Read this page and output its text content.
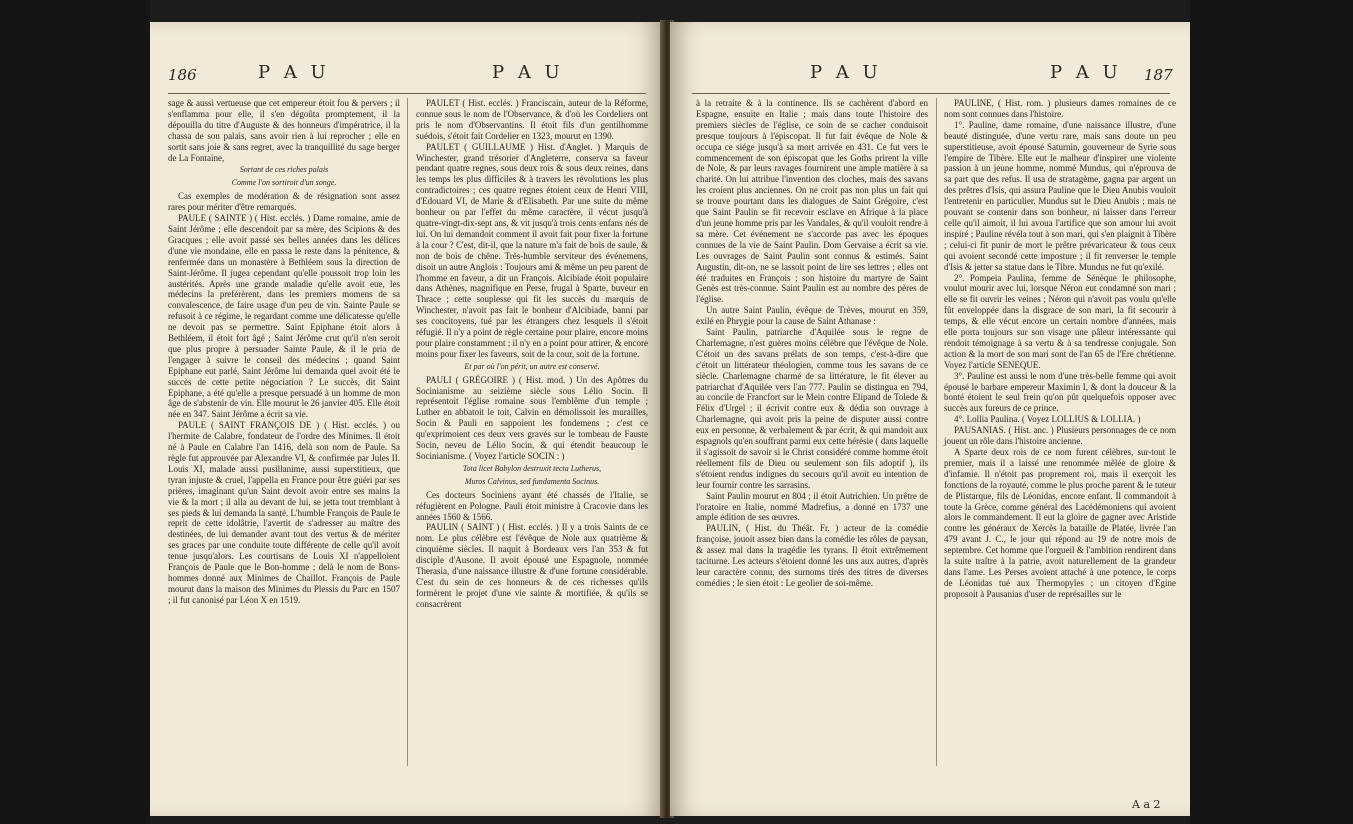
186	P A U	P A U

sage & aussi vertueuse que cet empereur étoit fou & pervers ; il s'enflamma pour elle, il s'en dégoûta promptement, il la dépouilla du titre d'Auguste & des honneurs d'impératrice, il la chassa de son palais, sans avoir rien à lui reprocher ; elle en sortit sans joie & sans regret, avec la tranquillité du sage berger de La Fontaine,

Sortant de ces riches palais

Comme l'on sortiroit d'un songe.

Cas exemples de modération & de résignation sont assez rares pour mériter d'être remarqués.

PAULE ( SAINTE ) ( Hist. ecclés. ) Dame romaine, amie de Saint Jérôme ; elle descendoit par sa mère, des Scipions & des Gracques ; elle avoit passé ses belles années dans les délices d'une vie mondaine, elle en passa le reste dans la pénitence, & renfermée dans un monastère à Bethléem sous la direction de Saint-Jérôme. Il jugea cependant qu'elle poussoit trop loin les austérités. Après une grande maladie qu'elle avoit eue, les médecins la preférèrent, dans les premiers momens de sa convalescence, de faire usage d'un peu de vin. Sainte Paule se refusoit à ce régime, le regardant comme une délicatesse qu'elle ne devoit pas se permettre. Saint Epiphane étoit alors à Bethléem, il étoit fort âgé ; Saint Jérôme crut qu'il n'en seroit que plus propre à persuader Sainte Paule, & il le pria de l'engager à suivre le conseil des médecins ; quand Saint Epiphane eut parlé, Saint Jérôme lui demanda quel avoit été le succès de cette petite négociation ? Le succès, dit Saint Epiphane, a été qu'elle a presque persuadé à un homme de mon âge de s'abstenir de vin. Elle mourut le 26 janvier 405. Elle étoit née en 347. Saint Jérôme a écrit sa vie.

PAULE ( SAINT FRANÇOIS DE ) ( Hist. ecclés. ) ou l'hermite de Calabre, fondateur de l'ordre des Minimes. Il étoit né à Paule en Calabre l'an 1416, delà son nom de Paule. Sa règle fut approuvée par Alexandre VI, & confirmée par Jules II. Louis XI, malade aussi pusillanime, aussi superstitieux, que tyran injuste & cruel, l'appella en France pour être guéri par ses prières, imaginant qu'un Saint devoit avoir entre ses mains la vie & la mort ; il alla au devant de lui, se jetta tout tremblant à ses pieds & lui demanda la santé. L'humble François de Paule le reprit de cette idolâtrie, l'avertit de s'adresser au maître des destinées, de lui demander avant tout des vertus & de mériter ses graces par une conduite toute différente de celle qu'il avoit tenue jusqu'alors. Les courtisans de Louis XI n'appelloient François de Paule que le Bon-homme ; delà le nom de Bons-hommes donné aux Minimes de Chaillot. François de Paule mourut dans la maison des Minimes du Plessis du Parc en 1507 ; il fut canonisé par Léon X en 1519.

PAULET ( Hist. ecclés. ) Franciscain, auteur de la Réforme, connue sous le nom de l'Observance, & d'où les Cordeliers ont pris le nom d'Observantins. Il étoit fils d'un gentilhomme suédois, s'étoit fait Cordelier en 1323, mourut en 1390.

PAULET ( GUILLAUME ) Hist. d'Anglet. ) Marquis de Winchester, grand trésorier d'Angleterre, conserva sa faveur pendant quatre regnes, sous deux rois & sous deux reines, dans les temps les plus difficiles & à travers les révolutions les plus contradictoires ; ces quatre regnes étoient ceux de Henri VIII, d'Edouard VI, de Marie & d'Elisabeth. Par une suite du même bonheur ou par l'effet du même caractère, il vécut jusqu'à quatre-vingt-dix-sept ans, & vit jusqu'à trois cents enfans nés de lui. On lui demandoit comment il avoit fait pour fixer la fortune à la cour ? C'est, dit-il, que la nature m'a fait de bois de saule, & non de bois de chêne. Très-humble serviteur des événemens, disoit un autre Anglois : Toujours ami & même un peu parent de l'homme en faveur, a dit un François. Alcibiade étoit populaire dans Athènes, magnifique en Perse, frugal à Sparte, buveur en Thrace ; cette souplesse qui fit les succès du marquis de Winchester, n'avoit pas fait le bonheur d'Alcibiade, banni par ses concitoyens, tué par les étrangers chez lesquels il s'étoit réfugié. Il n'y a point de règle certaine pour plaire, encore moins pour plaire constamment ; il n'y en a point pour attirer, & encore moins pour fixer les faveurs, soit de la cour, soit de la fortune.

Et par où l'on périt, un autre est conservé.

PAULI ( GRÉGOIRE ) ( Hist. mod. ) Un des Apôtres du Socinianisme au seizième siècle sous Lélio Socin. Il représentoit l'église romaine sous l'emblême d'un temple ; Luther en abbatoit le toit, Calvin en démolissoit les murailles, Socin & Pauli en sappoient les fondemens ; c'est ce qu'exprimoient ces deux vers gravés sur le tombeau de Fauste Socin, neveu de Lélio Socin, & qui étendit beaucoup le Socinianisme. ( Voyez l'article SOCIN : )

Tota licet Babylon destruxit tecta Lutherus,

Muros Calvinus, sed fundamenta Socinus.

Ces docteurs Sociniens ayant été chassés de l'Italie, se réfugièrent en Pologne. Pauli étoit ministre à Cracovie dans les années 1560 & 1566.

PAULIN ( SAINT ) ( Hist. ecclés. ) Il y a trois Saints de ce nom. Le plus célèbre est l'évêque de Nole aux quatrième & cinquième siècles. Il naquit à Bordeaux vers l'an 353 & fut disciple d'Ausone. Il avoit épousé une Espagnole, nommée Therasia, d'une naissance illustre & d'une fortune considérable. C'est du sein de ces honneurs & de ces richesses qu'ils formèrent le projet d'une vie sainte & mortifiée, & qu'ils se consacrèrent

P A U	P A U 187

à la retraite & à la continence. Ils se cachèrent d'abord en Espagne, ensuite en Italie ; mais dans toute l'histoire des premiers siècles de l'église, ce soin de se cacher conduisoit presque toujours à l'épiscopat. Il fut fait évêque de Nole & occupa ce siége jusqu'à sa mort arrivée en 431. Ce fut vers le commencement de son épiscopat que les Goths prirent la ville de Nole, & par leurs ravages fournirent une ample matière à sa charité. On lui attribue l'invention des cloches, mais des savans les croient plus anciennes. On ne croit pas non plus un fait qui se trouve pourtant dans les dialogues de Saint Grégoire, c'est que Saint Paulin se fit recevoir esclave en Afrique à la place d'un jeune homme pris par les Vandales, & qu'il vouloit rendre à sa mère. Cet événement ne s'accorde pas avec les époques connues de la vie de Saint Paulin. Dom Gervaise a écrit sa vie. Les ouvrages de Saint Paulin sont connus & estimés. Saint Augustin, dit-on, ne se lassoit point de lire ses lettres ; elles ont été traduites en François ; son histoire du martyre de Saint Genès est très-connue. Saint Paulin est au nombre des pères de l'église.

Un autre Saint Paulin, évêque de Trèves, mourut en 359, exilé en Phrygie pour la cause de Saint Athanase :

Saint Paulin, patriarche d'Aquilée sous le regne de Charlemagne, n'est guères moins célèbre que l'évêque de Nole. C'étoit un des savans prélats de son temps, c'est-à-dire que c'étoit un littérateur théologien, comme tous les savans de ce siècle. Charlemagne charmé de sa littérature, le fit élever au patriarchat d'Aquilée vers l'an 777. Paulin se distingua en 794, au concile de Francfort sur le Mein contre Elipand de Tolede & Félix d'Urgel ; il écrivit contre eux & dédia son ouvrage à Charlemagne, qui avoit pris la peine de disputer aussi contre eux en personne, & verbalement & par écrit, & qui mandoit aux espagnols qu'en souffrant parmi eux cette hérésie ( dans laquelle il s'agissoit de savoir si le Christ considéré comme homme étoit réellement fils de Dieu ou seulement son fils adoptif ), ils s'étoient rendus indignes du secours qu'il avoit eu intention de leur fournir contre les sarrasins.

Saint Paulin mourut en 804 ; il étoit Autrichien. Un prêtre de l'oratoire en Italie, nommé Madrefius, a donné en 1737 une ample édition de ses œuvres.

PAULIN, ( Hist. du Théât. Fr. ) acteur de la comédie françoise, jouoit assez bien dans la comédie les rôles de paysan, & assez mal dans la tragédie les tyrans. Il étoit extrêmement taciturne. Les acteurs s'étoient donné les uns aux autres, d'après leur caractère connu, des surnoms tirés des titres de diverses comédies ; le sien étoit : Le geolier de soi-même.

PAULINE, ( Hist. rom. ) plusieurs dames romaines de ce nom sont connues dans l'histoire.

1°. Pauline, dame romaine, d'une naissance illustre, d'une beauté distinguée, d'une vertu rare, mais sans doute un peu superstitieuse, avoit épousé Saturnin, gouverneur de Syrie sous l'empire de Tibère. Elle eut le malheur d'inspirer une violente passion à un jeune homme, nommé Mundus, qui n'éprouva de sa part que des refus. Il usa de stratagème, gagna par argent un des prêtres d'Isis, qui assura Pauline que le Dieu Anubis vouloit l'entretenir en particulier. Mundus sut le Dieu Anubis ; mais ne pouvant se contenir dans son bonheur, ni laisser dans l'erreur celle qu'il aimoit, il lui avoua l'artifice que son amour lui avoit inspiré ; Pauline révéla tout à son mari, qui s'en plaignit à Tibère ; celui-ci fit punir de mort le prêtre prévaricateur & tous ceux qui avoient secondé cette imposture ; il fit renverser le temple d'Isis & jetter sa statue dans le Tibre. Mundus ne fut qu'exilé.

2°. Pompeia Paulina, femme de Sénèque le philosophe, voulut mourir avec lui, lorsque Néron eut condamné son mari ; elle se fit ouvrir les veines ; Néron qui n'avoit pas voulu qu'elle fût enveloppée dans la disgrace de son mari, la fit secourir à temps, & elle vécut encore un certain nombre d'années, mais elle porta toujours sur son visage une pâleur intéressante qui rendoit témoignage à sa vertu & à sa tendresse conjugale. Son action & la mort de son mari sont de l'an 65 de l'Ere chrétienne. Voyez l'article SENEQUE.

3°. Pauline est aussi le nom d'une très-belle femme qui avoit épousé le barbare empereur Maximin I, & dont la douceur & la bonté étoient le seul frein qu'on pût quelquefois opposer avec succès aux fureurs de ce prince.

4°. Lollia Paulina. ( Voyez LOLLIUS & LOLLIA. )

PAUSANIAS. ( Hist. anc. ) Plusieurs personnages de ce nom jouent un rôle dans l'histoire ancienne.

A Sparte deux rois de ce nom furent célèbres, sur-tout le premier, mais il a laissé une renommée mêlée de gloire & d'infamie. Il n'étoit pas proprement roi, mais il exerçoit les fonctions de la royauté, comme le plus proche parent & le tuteur de Plistarque, fils de Léonidas, encore enfant. Il commandoit à toute la Grèce, comme général des Lacédémoniens qui avoient alors le commandement. Il eut la gloire de gagner avec Aristide contre les généraux de Xercès la bataille de Platée, livrée l'an 479 avant J. C., le jour qui répond au 19 de notre mois de septembre. Cet homme que l'orgueil & l'ambition rendirent dans la suite traître à la patrie, avoit naturellement de la grandeur dans l'ame. Les Perses avoient attaché à une potence, le corps de Léonidas tué aux Thermopyles ; un citoyen d'Egine proposoit à Pausanias d'user de représailles sur le

A a 2
